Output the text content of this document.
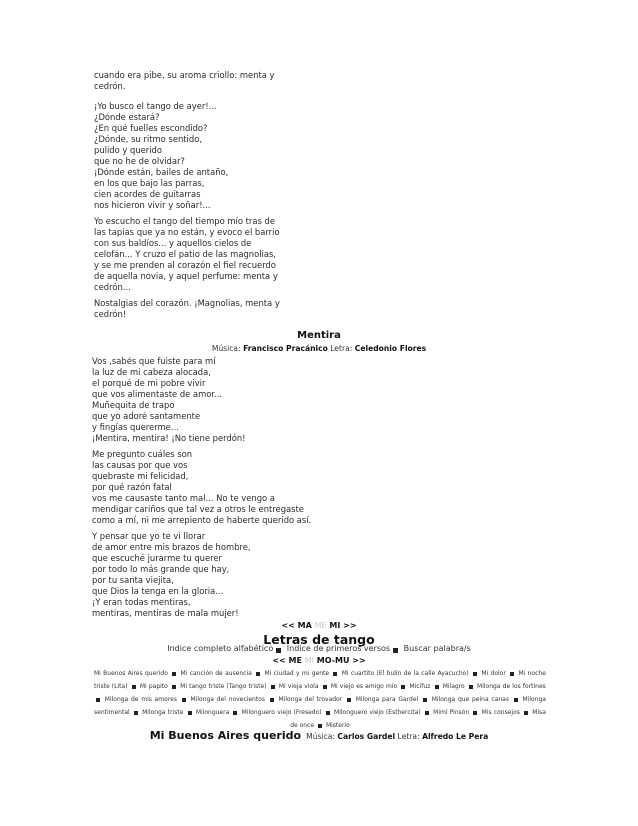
cuando era pibe, su aroma criollo: menta y
cedrón.
¡Yo busco el tango de ayer!...
¿Dónde estará?
¿En qué fuelles escondido?
¿Dónde, su ritmo sentido,
pulido y querido
que no he de olvidar?
¡Dónde están, bailes de antaño,
en los que bajo las parras,
cien acordes de guitarras
nos hicieron vivir y soñar!...
Yo escucho el tango del tiempo mío tras de
las tapias que ya no están, y evoco el barrio
con sus baldíos... y aquellos cielos de
celofán... Y cruzo el patio de las magnolias,
y se me prenden al corazón el fiel recuerdo
de aquella novia, y aquel perfume: menta y
cedrón...
Nostalgias del corazón. ¡Magnolias, menta y
cedrón!
Mentira
Música: Francisco Pracánico Letra: Celedonio Flores
Vos ,sabés que fuiste para mí
la luz de mi cabeza alocada,
el porqué de mi pobre vivir
que vos alimentaste de amor...
Muñequita de trapo
que yo adoré santamente
y fingías quererme...
¡Mentira, mentira! ¡No tiene perdón!
Me pregunto cuáles son
las causas por que vos
quebraste mi felicidad,
por qué razón fatal
vos me causaste tanto mal... No te vengo a
mendigar cariños que tal vez a otros le entregaste
como a mí, ni me arrepiento de haberte querido así.
Y pensar que yo te vi llorar
de amor entre mis brazos de hombre,
que escuché jurarme tu querer
por todo lo más grande que hay,
por tu santa viejita,
que Dios la tenga en la gloria...
¡Y eran todas mentiras,
mentiras, mentiras de mala mujer!
<< MA ME MI >>
Letras de tango
Indice completo alfabético Indice de primeros versos Buscar palabra/s
<< ME MI MO-MU >>
Mi Buenos Aires querido Mi canción de ausencia Mi ciudad y mi gente Mi cuartito (El bulín de la calle Ayacucho) Mi dolor Mi noche triste (Lita) Mi papito Mi tango triste (Tango triste) Mi vieja viola Mi viejo es amigo mío Micifuz Milagro Milonga de los fortines  Milonga de mis amores Milonga del novecientos Milonga del trovador Milonga para Gardel Milonga que peina canas Milonga sentimental Milonga triste Milonguera Milonguero viejo (Fresedo) Milonguero viejo (Esthercita) Mimí Pinsón Mis consejos Misa de once Misterio
Mi Buenos Aires querido Música: Carlos Gardel Letra: Alfredo Le Pera
